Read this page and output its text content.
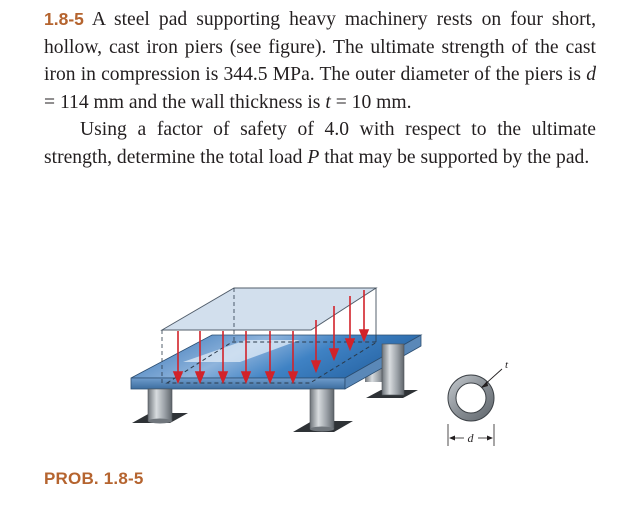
1.8-5 A steel pad supporting heavy machinery rests on four short, hollow, cast iron piers (see figure). The ultimate strength of the cast iron in compression is 344.5 MPa. The outer diameter of the piers is d = 114 mm and the wall thickness is t = 10 mm.

Using a factor of safety of 4.0 with respect to the ultimate strength, determine the total load P that may be supported by the pad.

t
d
PROB. 1.8-5
